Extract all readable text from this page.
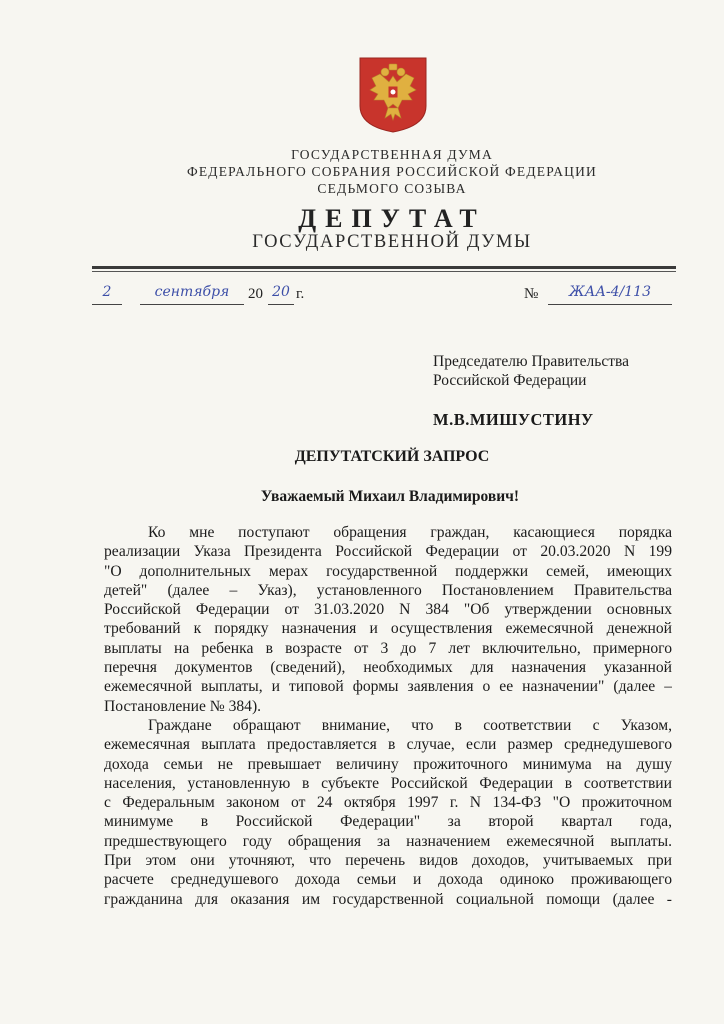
ГОСУДАРСТВЕННАЯ ДУМА
ФЕДЕРАЛЬНОГО СОБРАНИЯ РОССИЙСКОЙ ФЕДЕРАЦИИ
СЕДЬМОГО СОЗЫВА
ДЕПУТАТ
ГОСУДАРСТВЕННОЙ ДУМЫ
2	сентября	20 20 г.	№	ЖАА-4/113
Председателю Правительства
Российской Федерации
М.В.МИШУСТИНУ
ДЕПУТАТСКИЙ ЗАПРОС
Уважаемый Михаил Владимирович!
Ко мне поступают обращения граждан, касающиеся порядка
реализации Указа Президента Российской Федерации от 20.03.2020 N 199
"О дополнительных мерах государственной поддержки семей, имеющих
детей" (далее – Указ), установленного Постановлением Правительства
Российской Федерации от 31.03.2020 N 384 "Об утверждении основных
требований к порядку назначения и осуществления ежемесячной денежной
выплаты на ребенка в возрасте от 3 до 7 лет включительно, примерного
перечня документов (сведений), необходимых для назначения указанной
ежемесячной выплаты, и типовой формы заявления о ее назначении" (далее –
Постановление № 384).
Граждане обращают внимание, что в соответствии с Указом,
ежемесячная выплата предоставляется в случае, если размер среднедушевого
дохода семьи не превышает величину прожиточного минимума на душу
населения, установленную в субъекте Российской Федерации в соответствии
с Федеральным законом от 24 октября 1997 г. N 134-ФЗ "О прожиточном
минимуме в Российской Федерации" за второй квартал года,
предшествующего году обращения за назначением ежемесячной выплаты.
При этом они уточняют, что перечень видов доходов, учитываемых при
расчете среднедушевого дохода семьи и дохода одиноко проживающего
гражданина для оказания им государственной социальной помощи (далее -
